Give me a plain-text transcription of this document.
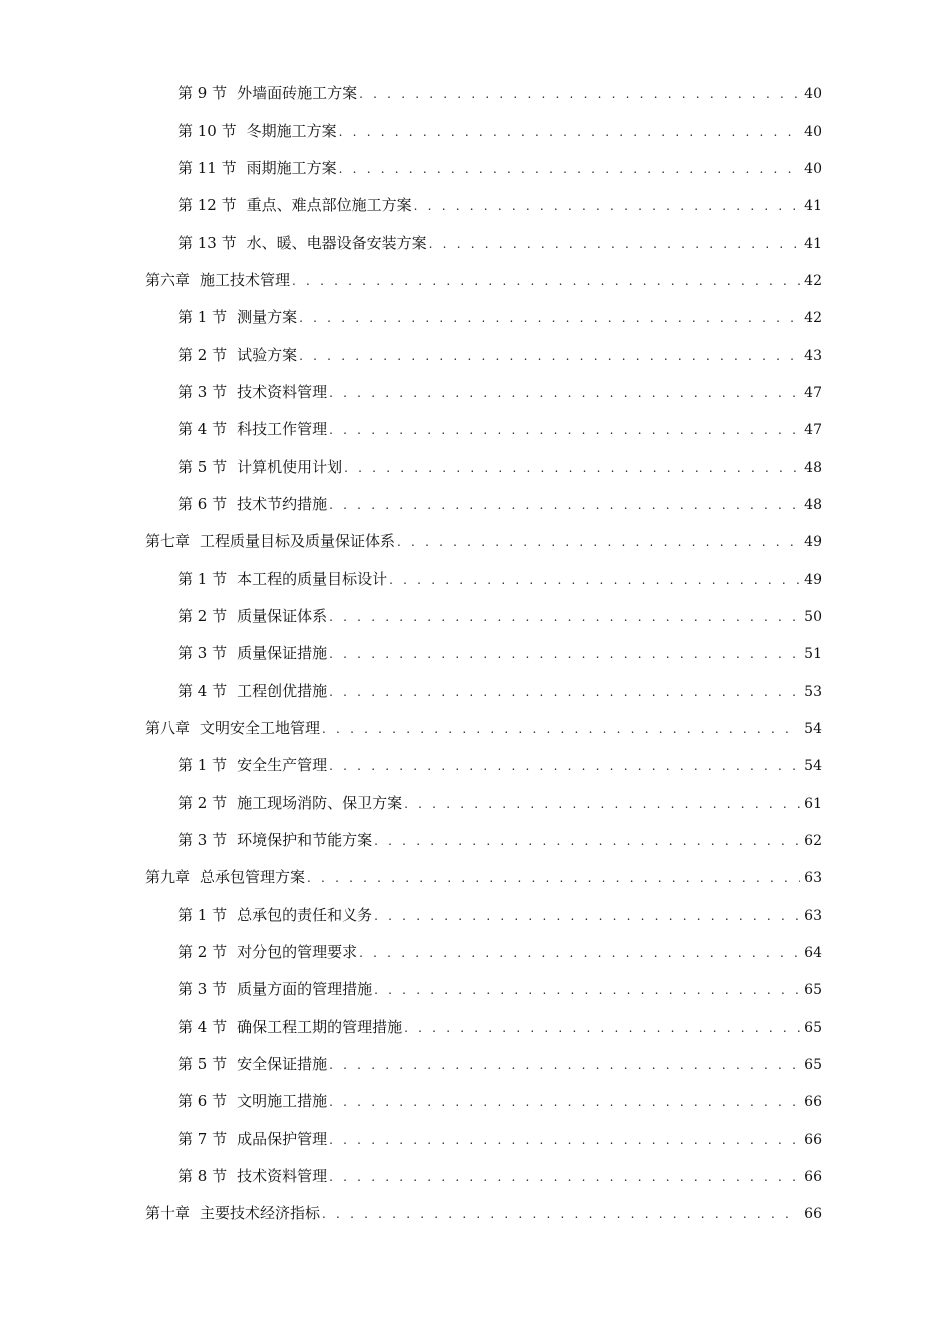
第 9 节 外墙面砖施工方案 . . .	40
第 10 节 冬期施工方案 . . .	40
第 11 节 雨期施工方案 . . .	40
第 12 节 重点、难点部位施工方案 . . .	41
第 13 节 水、暖、电器设备安装方案 . . .	41
第六章 施工技术管理 . . .	42
第 1 节 测量方案 . . .	42
第 2 节 试验方案 . . .	43
第 3 节 技术资料管理 . . .	47
第 4 节 科技工作管理 . . .	47
第 5 节 计算机使用计划 . . .	48
第 6 节 技术节约措施 . . .	48
第七章 工程质量目标及质量保证体系 . . .	49
第 1 节 本工程的质量目标设计 . . .	49
第 2 节 质量保证体系 . . .	50
第 3 节 质量保证措施 . . .	51
第 4 节 工程创优措施 . . .	53
第八章 文明安全工地管理 . . .	54
第 1 节 安全生产管理 . . .	54
第 2 节 施工现场消防、保卫方案 . . .	61
第 3 节 环境保护和节能方案 . . .	62
第九章 总承包管理方案 . . .	63
第 1 节 总承包的责任和义务 . . .	63
第 2 节 对分包的管理要求 . . .	64
第 3 节 质量方面的管理措施 . . .	65
第 4 节 确保工程工期的管理措施 . . .	65
第 5 节 安全保证措施 . . .	65
第 6 节 文明施工措施 . . .	66
第 7 节 成品保护管理 . . .	66
第 8 节 技术资料管理 . . .	66
第十章 主要技术经济指标 . . .	66
